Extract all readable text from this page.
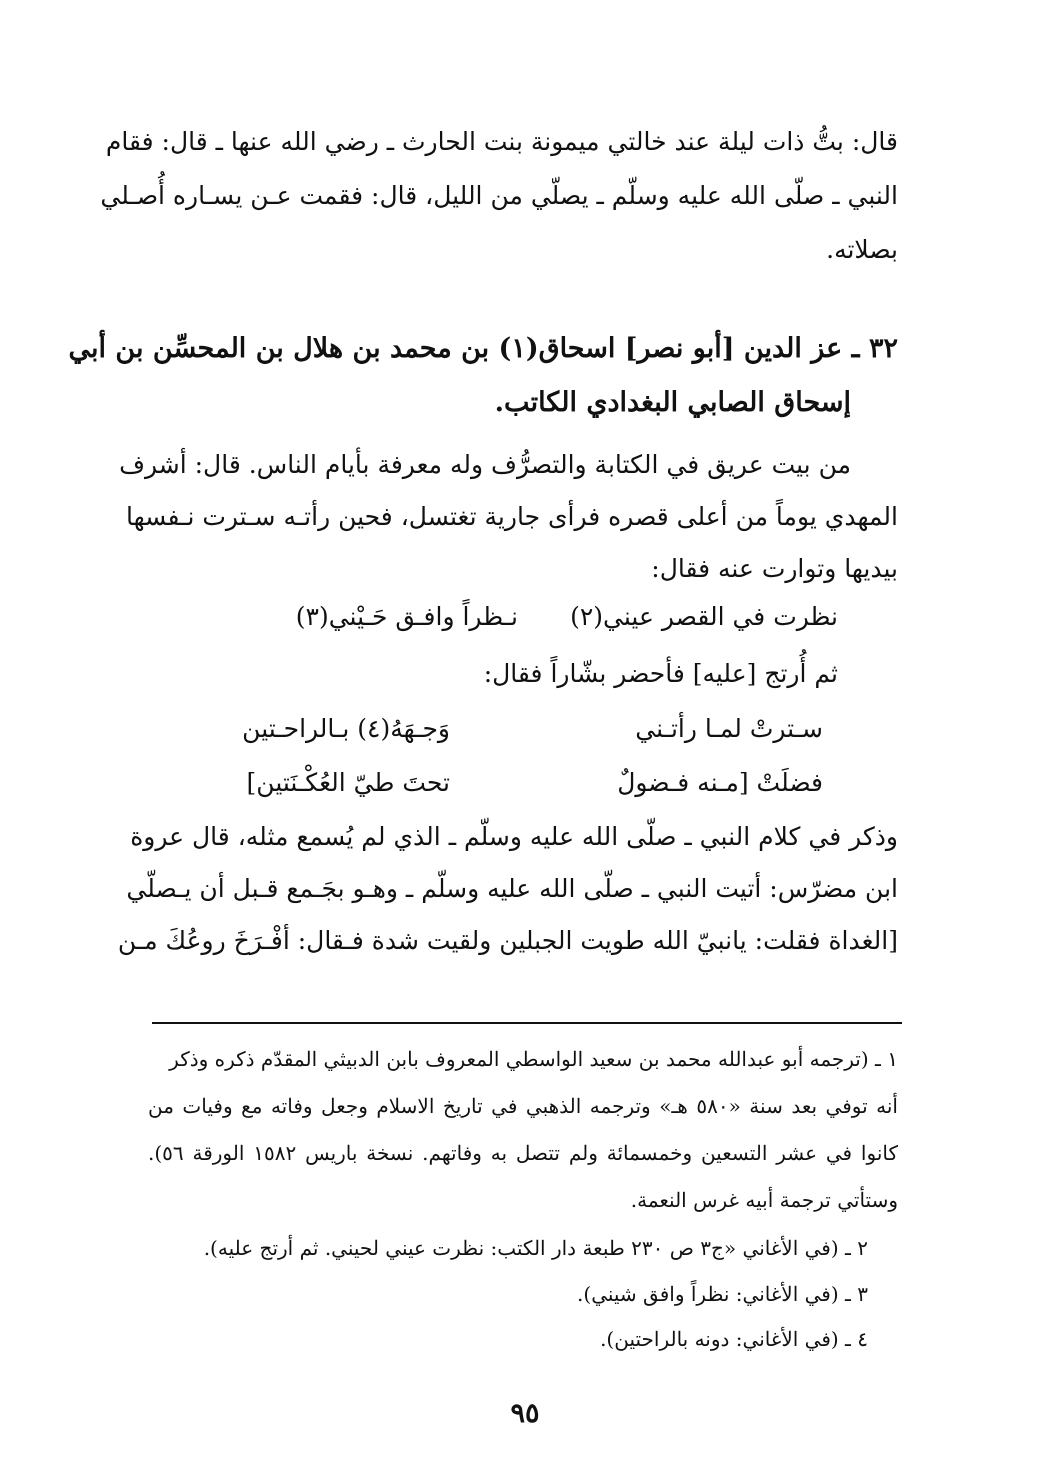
قال: بتُّ ذات ليلة عند خالتي ميمونة بنت الحارث ـ رضي الله عنها ـ قال: فقام
النبي ـ صلّى الله عليه وسلّم ـ يصلّي من الليل، قال: فقمت عـن يسـاره أُصـلي
بصلاته.
٣٢ ـ عز الدين [أبو نصر] اسحاق(١) بن محمد بن هلال بن المحسِّن بن أبي
إسحاق الصابي البغدادي الكاتب.
من بيت عريق في الكتابة والتصرُّف وله معرفة بأيام الناس. قال: أشرف
المهدي يوماً من أعلى قصره فرأى جارية تغتسل، فحين رأتـه سـترت نـفسها
بيديها وتوارت عنه فقال:
نظرت في القصر عيني(٢)
نـظراً وافـق حَـيْني(٣)
ثم أُرتج [عليه] فأحضر بشّاراً فقال:
سـترتْ لمـا رأتـني
وَجـهَهُ(٤) بـالراحـتين
فضلَتْ [مـنه فـضولٌ
تحتَ طيّ العُكْـنَتين]
وذكر في كلام النبي ـ صلّى الله عليه وسلّم ـ الذي لم يُسمع مثله، قال عروة
ابن مضرّس: أتيت النبي ـ صلّى الله عليه وسلّم ـ وهـو بجَـمع قـبل أن يـصلّي
[الغداة فقلت: يانبيّ الله طويت الجبلين ولقيت شدة فـقال: أفْـرَخَ روعُكَ مـن
١ ـ (ترجمه أبو عبدالله محمد بن سعيد الواسطي المعروف بابن الدبيثي المقدّم ذكره وذكر
أنه توفي بعد سنة «٥٨٠ هـ» وترجمه الذهبي في تاريخ الاسلام وجعل وفاته مع وفيات من
كانوا في عشر التسعين وخمسمائة ولم تتصل به وفاتهم. نسخة باريس ١٥٨٢ الورقة ٥٦).
وستأتي ترجمة أبيه غرس النعمة.
٢ ـ (في الأغاني «ج٣ ص ٢٣٠ طبعة دار الكتب: نظرت عيني لحيني. ثم أرتج عليه).
٣ ـ (في الأغاني: نظراً وافق شيني).
٤ ـ (في الأغاني: دونه بالراحتين).
٩٥
